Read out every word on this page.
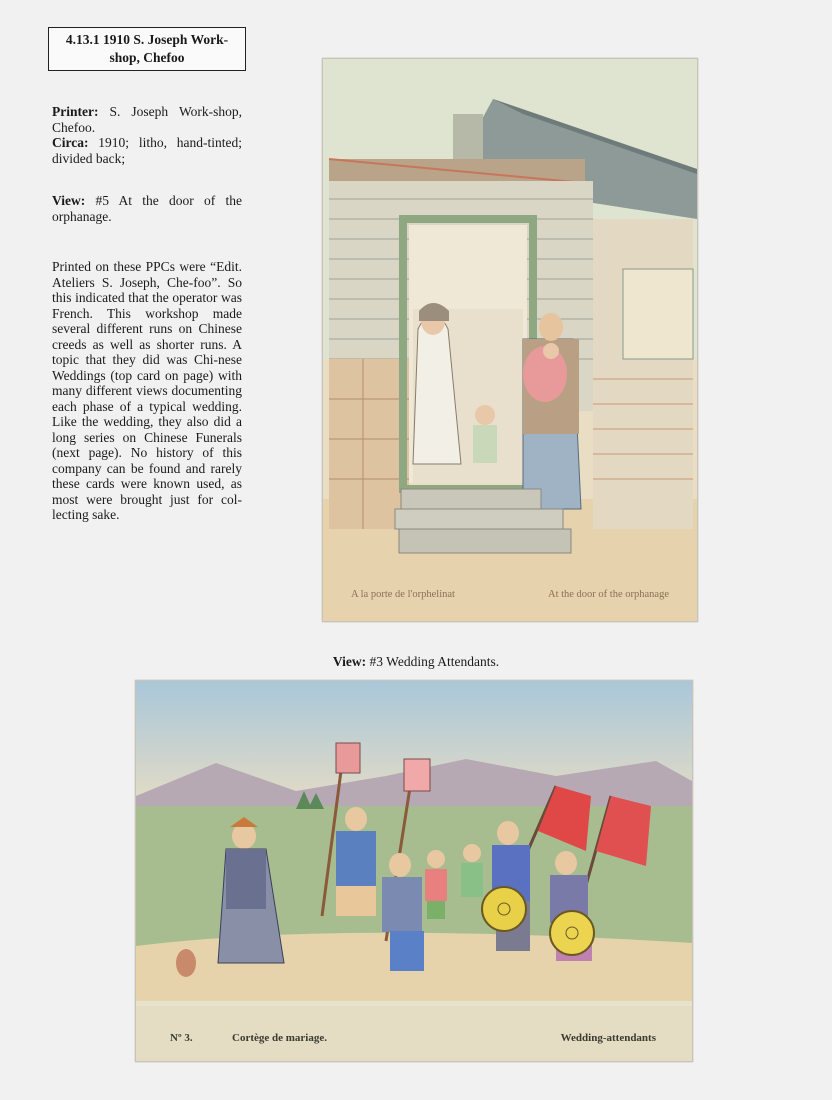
4.13.1 1910 S. Joseph Work-
shop, Chefoo
Printer: S. Joseph Work-shop, Chefoo.
Circa: 1910; litho, hand-tinted; divided back;
View: #5 At the door of the orphanage.
Printed on these PPCs were “Edit. Ateliers S. Joseph, Che-foo”. So this indicated that the operator was French. This workshop made several different runs on Chinese creeds as well as shorter runs. A topic that they did was Chi-nese Weddings (top card on page) with many different views documenting each phase of a typical wedding. Like the wedding, they also did a long series on Chinese Funerals (next page). No history of this company can be found and rarely these cards were known used, as most were brought just for col-lecting sake.
A la porte de l'orphelinat	At the door of the orphanage
View: #3 Wedding Attendants.
Nº 3.	Cortège de mariage.	Wedding-attendants
